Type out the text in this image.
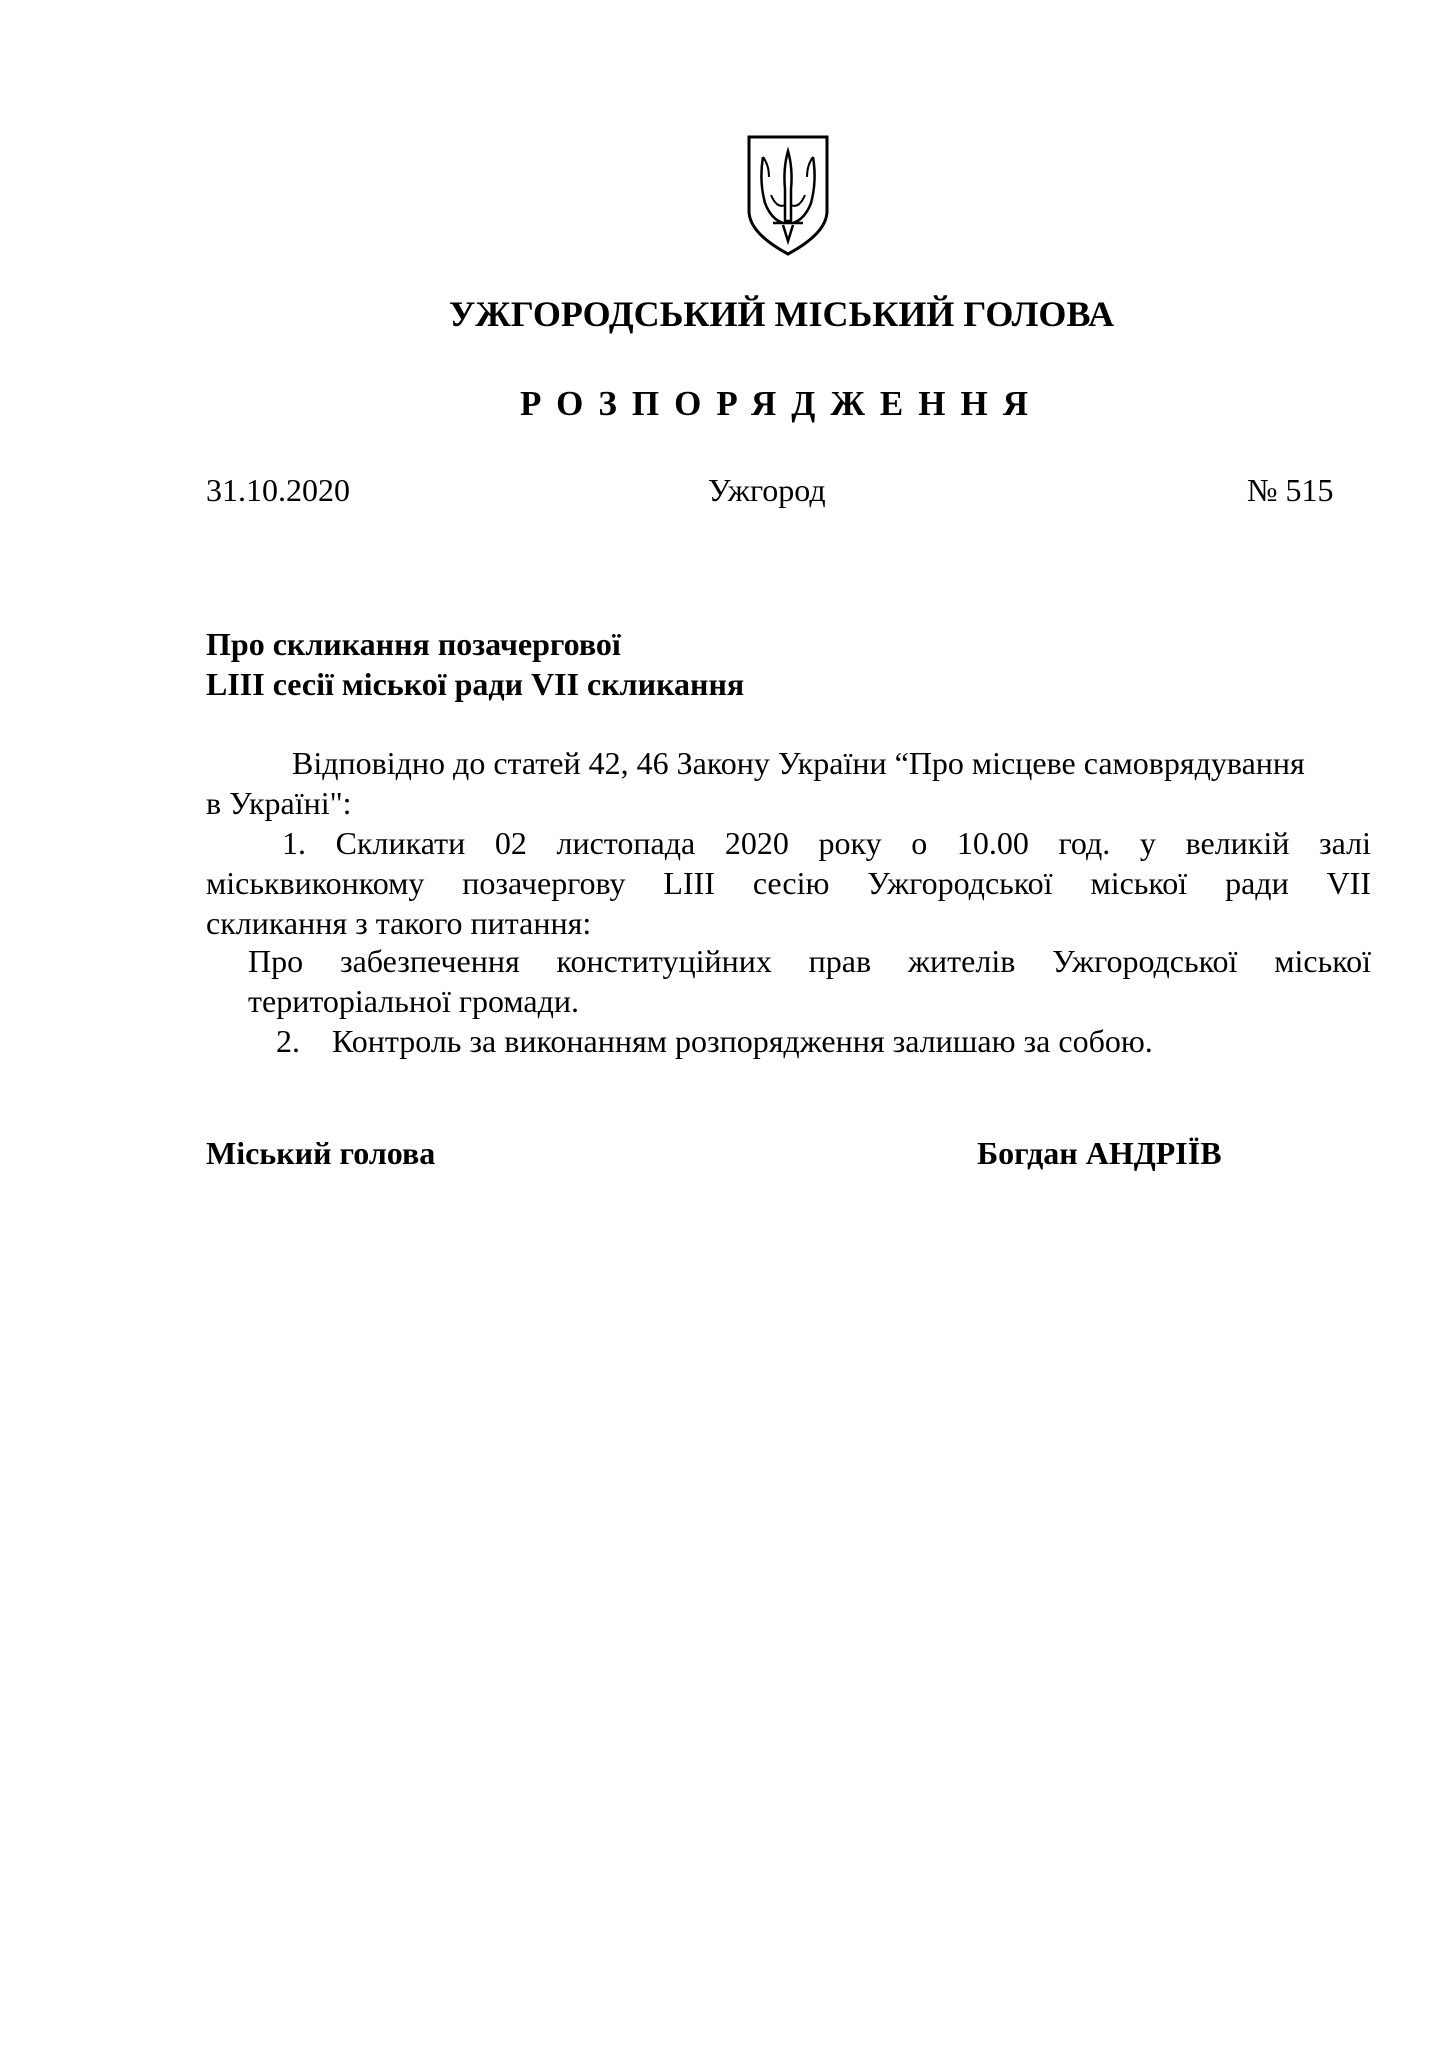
УЖГОРОДСЬКИЙ МІСЬКИЙ ГОЛОВА
РОЗПОРЯДЖЕННЯ
31.10.2020	Ужгород	№ 515
Про скликання позачергової
LIII сесії міської ради VII скликання
Відповідно до статей 42, 46 Закону України “Про місцеве самоврядування
в Україні":
1. Скликати 02 листопада 2020 року о 10.00 год. у великій залі
міськвиконкому позачергову LIII сесію Ужгородської міської ради VII
скликання з такого питання:
Про забезпечення конституційних прав жителів Ужгородської міської
територіальної громади.
2. Контроль за виконанням розпорядження залишаю за собою.
Міський голова	Богдан АНДРІЇВ
